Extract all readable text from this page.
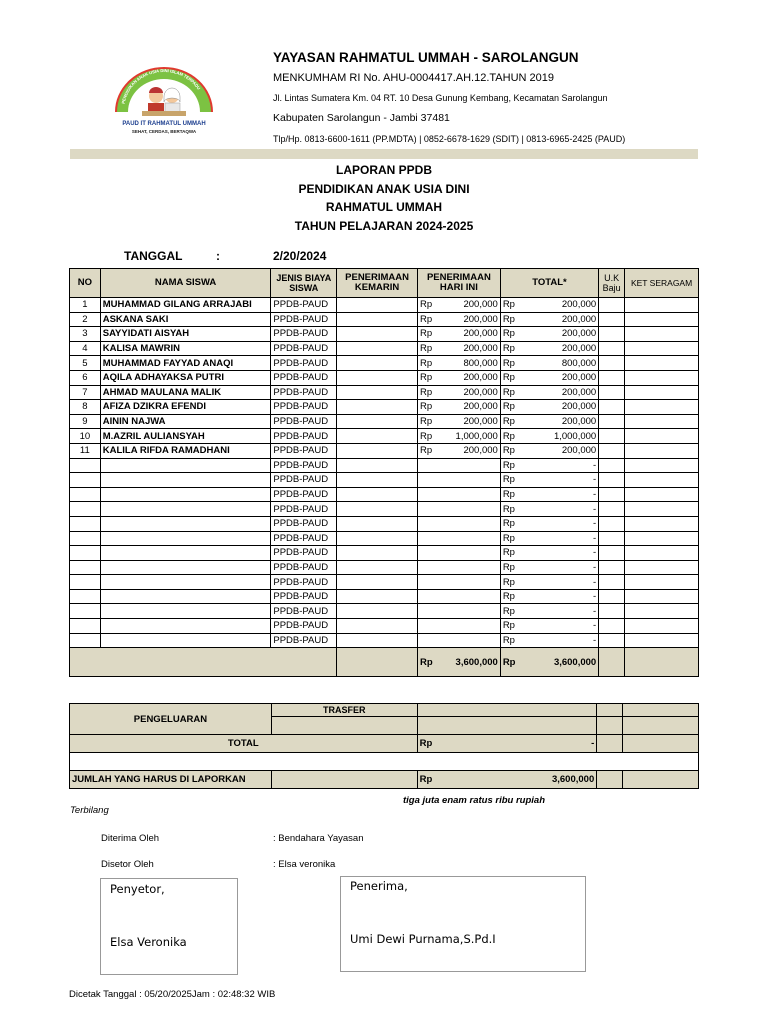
PENDIDIKAN ANAK USIA DINI ISLAM TERPADU
PAUD IT RAHMATUL UMMAH
SEHAT, CERDAS, BERTAQWA
YAYASAN RAHMATUL UMMAH - SAROLANGUN
MENKUMHAM RI No. AHU-0004417.AH.12.TAHUN 2019
Jl. Lintas Sumatera Km. 04 RT. 10 Desa Gunung Kembang, Kecamatan Sarolangun
Kabupaten Sarolangun - Jambi 37481
Tlp/Hp. 0813-6600-1611 (PP.MDTA) | 0852-6678-1629 (SDIT) | 0813-6965-2425 (PAUD)
LAPORAN PPDB
PENDIDIKAN ANAK USIA DINI
RAHMATUL UMMAH
TAHUN PELAJARAN 2024-2025
TANGGAL	:	2/20/2024
NO	NAMA SISWA	JENIS BIAYA SISWA	PENERIMAAN KEMARIN	PENERIMAAN HARI INI		TOTAL*		U.K Baju	KET SERAGAM
1	MUHAMMAD GILANG ARRAJABI	PPDB-PAUD		Rp	200,000	Rp	200,000		
2	ASKANA SAKI	PPDB-PAUD		Rp	200,000	Rp	200,000		
3	SAYYIDATI AISYAH	PPDB-PAUD		Rp	200,000	Rp	200,000		
4	KALISA MAWRIN	PPDB-PAUD		Rp	200,000	Rp	200,000		
5	MUHAMMAD FAYYAD ANAQI	PPDB-PAUD		Rp	800,000	Rp	800,000		
6	AQILA ADHAYAKSA PUTRI	PPDB-PAUD		Rp	200,000	Rp	200,000		
7	AHMAD MAULANA MALIK	PPDB-PAUD		Rp	200,000	Rp	200,000		
8	AFIZA DZIKRA EFENDI	PPDB-PAUD		Rp	200,000	Rp	200,000		
9	AININ NAJWA	PPDB-PAUD		Rp	200,000	Rp	200,000		
10	M.AZRIL AULIANSYAH	PPDB-PAUD		Rp	1,000,000	Rp	1,000,000		
11	KALILA RIFDA RAMADHANI	PPDB-PAUD		Rp	200,000	Rp	200,000		
		PPDB-PAUD				Rp	-		
		PPDB-PAUD				Rp	-		
		PPDB-PAUD				Rp	-		
		PPDB-PAUD				Rp	-		
		PPDB-PAUD				Rp	-		
		PPDB-PAUD				Rp	-		
		PPDB-PAUD				Rp	-		
		PPDB-PAUD				Rp	-		
		PPDB-PAUD				Rp	-		
		PPDB-PAUD				Rp	-		
		PPDB-PAUD				Rp	-		
		PPDB-PAUD				Rp	-		
		PPDB-PAUD				Rp	-		
				Rp	3,600,000	Rp	3,600,000		
PENGELUARAN	TRASFER			

TOTAL		Rp -		

JUMLAH YANG HARUS DI LAPORKAN		Rp 3,600,000		

tiga juta enam ratus ribu rupiah
Terbilang
Diterima Oleh	: Bendahara Yayasan
Disetor Oleh	: Elsa veronika
Penyetor,
Elsa Veronika
Penerima,
Umi Dewi Purnama,S.Pd.I
Dicetak Tanggal : 05/20/2025Jam : 02:48:32 WIB
